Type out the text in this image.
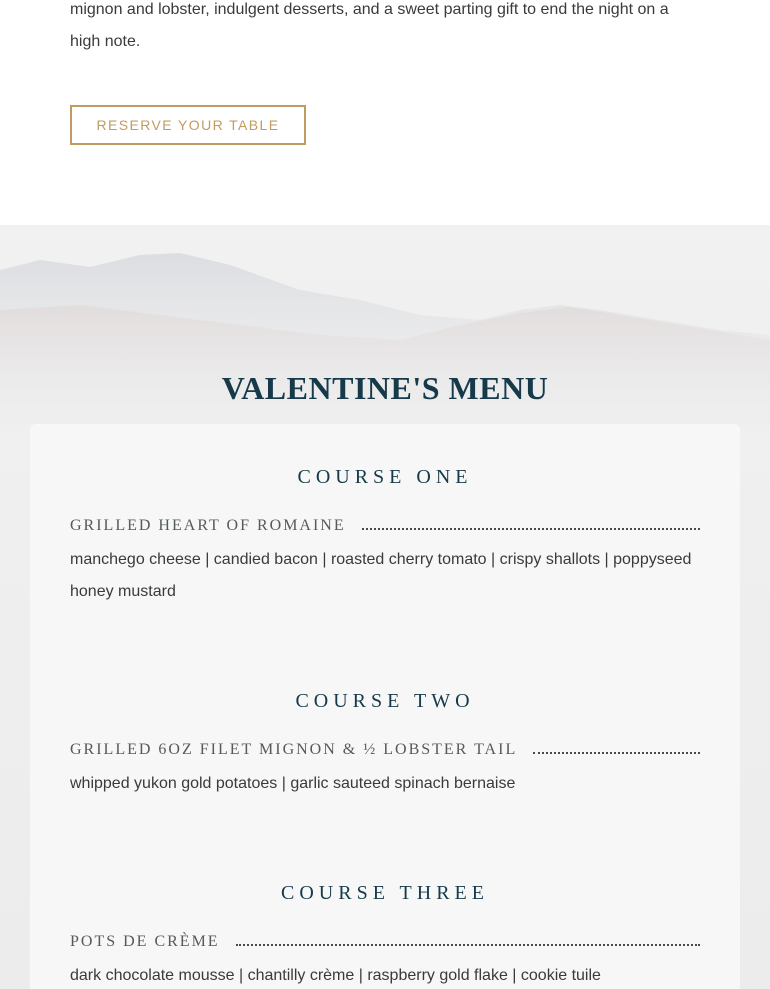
mignon and lobster, indulgent desserts, and a sweet parting gift to end the night on a high note.

RESERVE YOUR TABLE
VALENTINE'S MENU
COURSE ONE
GRILLED HEART OF ROMAINE
manchego cheese | candied bacon | roasted cherry tomato | crispy shallots | poppyseed honey mustard
COURSE TWO
GRILLED 6OZ FILET MIGNON & ½ LOBSTER TAIL
whipped yukon gold potatoes | garlic sauteed spinach bernaise
COURSE THREE
POTS DE CRÈME
dark chocolate mousse | chantilly crème | raspberry gold flake | cookie tuile
